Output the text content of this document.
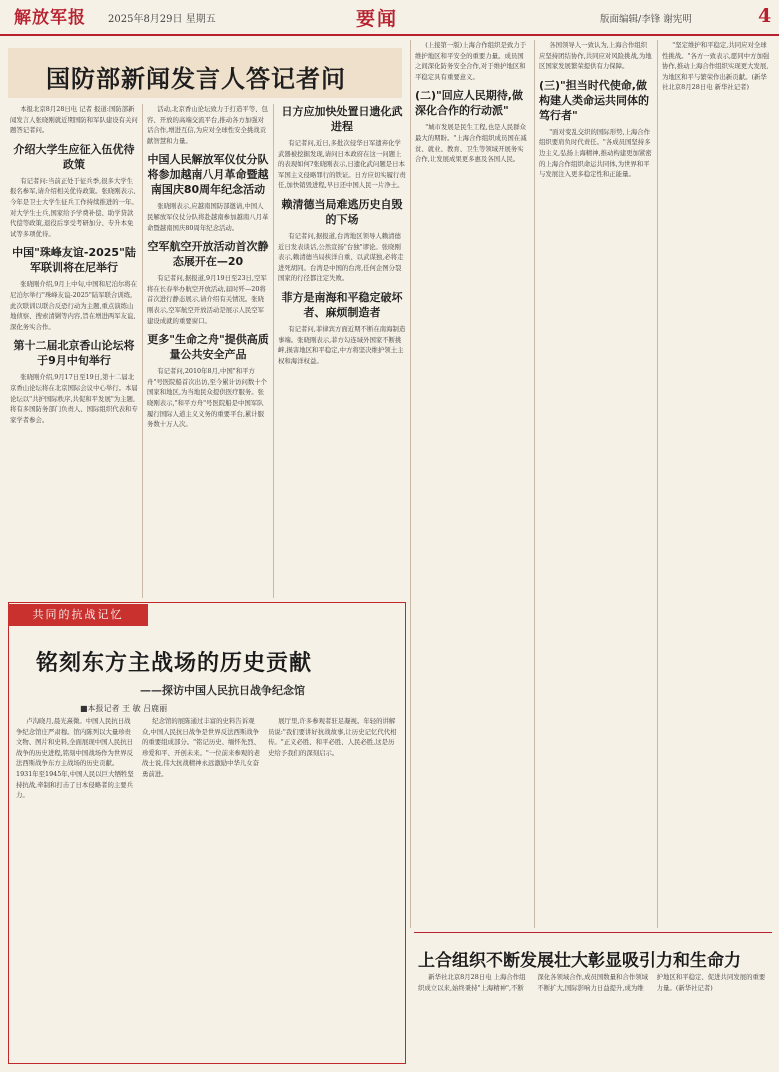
解放军报 2025年8月29日 星期五	要闻	版面编辑/李锋 谢宪明	4
国防部新闻发言人答记者问

本报北京8月28日电 记者 报道:国防部新闻发言人张晓刚就近期国防和军队建设有关问题答记者问。

介绍大学生应征入伍优待政策

有记者问:当前正处于征兵季,很多大学生报名参军,请介绍相关优待政策。张晓刚表示,今年是卫士大学生征兵工作持续推进的一年。对大学生士兵,国家给予学费补偿、助学贷款代偿等政策,退役后享受考研加分、专升本免试等多项优待。

中国"珠峰友谊-2025"陆军联训将在尼举行

张晓刚介绍,9月上中旬,中国和尼泊尔将在尼泊尔举行"珠峰友谊-2025"陆军联合训练,此次联训以联合反恐行动为主题,重点演练山地侦察、搜索清剿等内容,旨在增进两军友谊,深化务实合作。

第十二届北京香山论坛将于9月中旬举行

张晓刚介绍,9月17日至19日,第十二届北京香山论坛将在北京国际会议中心举行。本届论坛以"共护国际秩序,共促和平发展"为主题,将有多国防务部门负责人、国际组织代表和专家学者参会。

活动,北京香山论坛致力于打造平等、包容、开放的高端交流平台,推动各方加强对话合作,增进互信,为应对全球性安全挑战贡献智慧和力量。

中国人民解放军仪仗分队将参加越南八月革命暨越南国庆80周年纪念活动

张晓刚表示,应越南国防部邀请,中国人民解放军仪仗分队将赴越南参加越南八月革命暨越南国庆80周年纪念活动。

空军航空开放活动首次静态展开在—20

有记者问,据报道,9月19日至23日,空军将在长春举办航空开放活动,届时歼—20将首次进行静态展示,请介绍有关情况。张晓刚表示,空军航空开放活动是展示人民空军建设成就的重要窗口。

更多"生命之舟"提供高质量公共安全产品

有记者问,2010年8月,中国"和平方舟"号医院船首次出访,至今累计访问数十个国家和地区,为当地民众提供医疗服务。张晓刚表示,"和平方舟"号医院船是中国军队履行国际人道主义义务的重要平台,累计服务数十万人次。

日方应加快处置日遗化武进程

有记者问,近日,多批次侵华日军遗弃化学武器被挖掘发现,请问日本政府在这一问题上的表现如何?张晓刚表示,日遗化武问题是日本军国主义侵略罪行的铁证。日方应切实履行责任,加快销毁进程,早日还中国人民一片净土。

赖清德当局难逃历史自毁的下场

有记者问,据报道,台湾地区领导人赖清德近日发表谈话,公然宣扬"台独"谬论。张晓刚表示,赖清德当局挟洋自重、以武谋独,必将走进死胡同。台湾是中国的台湾,任何企图分裂国家的行径都注定失败。

菲方是南海和平稳定破坏者、麻烦制造者

有记者问,菲律宾方面近期不断在南海制造事端。张晓刚表示,菲方勾连域外国家不断挑衅,损害地区和平稳定,中方将坚决维护领土主权和海洋权益。

(上接第一版)上海合作组织是致力于维护地区和平安全的重要力量。成员国之间深化防务安全合作,对于维护地区和平稳定具有重要意义。

(二)"回应人民期待,做深化合作的行动派"

"城市发展是民生工程,也是人民群众最大的期盼。"上海合作组织成员国在减贫、就业、教育、卫生等领域开展务实合作,让发展成果更多惠及各国人民。

各国领导人一致认为,上海合作组织应坚持团结协作,共同应对风险挑战,为地区国家发展繁荣提供有力保障。

(三)"担当时代使命,做构建人类命运共同体的笃行者"

"面对变乱交织的国际形势,上海合作组织要肩负时代责任。"各成员国坚持多边主义,弘扬上海精神,推动构建更加紧密的上海合作组织命运共同体,为世界和平与发展注入更多稳定性和正能量。

"坚定维护和平稳定,共同应对全球性挑战。"各方一致表示,愿同中方加强协作,推动上海合作组织实现更大发展,为地区和平与繁荣作出新贡献。(新华社北京8月28日电 新华社记者)

共同的抗战记忆
铭刻东方主战场的历史贡献
——探访中国人民抗日战争纪念馆
■本报记者 王 敏 吕鹿丽

卢沟晓月,晨光熹微。中国人民抗日战争纪念馆庄严肃穆。馆内陈列以大量珍贵文物、图片和史料,全面展现中国人民抗日战争的历史进程,铭刻中国战场作为世界反法西斯战争东方主战场的历史贡献。1931年至1945年,中国人民以巨大牺牲坚持抗战,牵制和打击了日本侵略者的主要兵力。

纪念馆的展陈通过丰富的史料告诉观众,中国人民抗日战争是世界反法西斯战争的重要组成部分。"铭记历史、缅怀先烈、珍爱和平、开创未来。"一位前来参观的老战士说,伟大抗战精神永远激励中华儿女奋勇前进。

展厅里,许多参观者驻足凝视。年轻的讲解员说:"我们要讲好抗战故事,让历史记忆代代相传。"正义必胜、和平必胜、人民必胜,这是历史给予我们的深刻启示。

上合组织不断发展壮大彰显吸引力和生命力

新华社北京8月28日电 上海合作组织成立以来,始终秉持"上海精神",不断深化各领域合作,成员国数量和合作领域不断扩大,国际影响力日益提升,成为维护地区和平稳定、促进共同发展的重要力量。(新华社记者)
